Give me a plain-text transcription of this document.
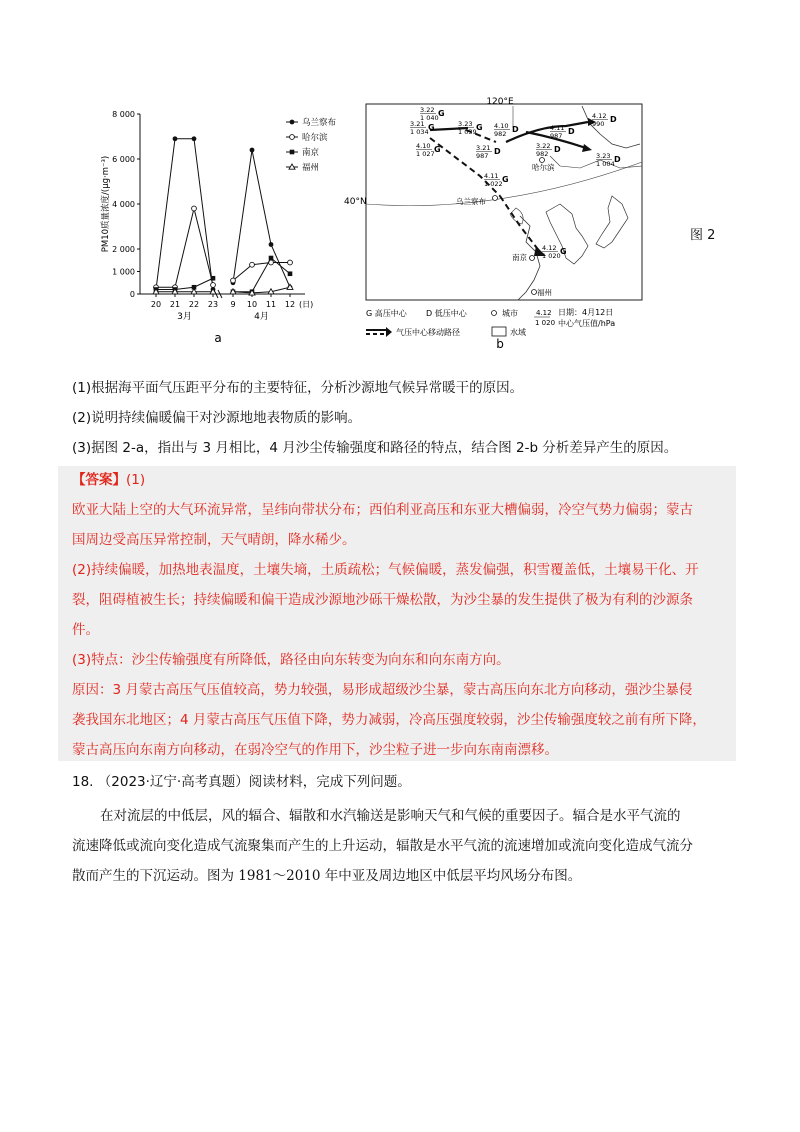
0
1 000
2 000
4 000
6 000
8 000
PM10质量浓度/(μg·m⁻³)
20 21 22 23 9 10 11 12 (日)
3月	4月
乌兰察布
哈尔滨
南京
福州
a
120°E
40°N
G
3.22
1 040
G
3.21
1 034	G
3.23
1 039
G
4.10
1 027
D
4.10
982
D
3.21
987
D
3.22
982
D
4.11
987
D
4.12
990
D
3.23
1 004
G
4.11
1 022
G
4.12
1 020
哈尔滨
乌兰察布
南京
福州
G 高压中心 D 低压中心	城市	4.12
1 020
日期：4月12日
中心气压值/hPa
气压中心移动路径	水域
b
图 2
(1)根据海平面气压距平分布的主要特征，分析沙源地气候异常暖干的原因。
(2)说明持续偏暖偏干对沙源地地表物质的影响。
(3)据图 2-a，指出与 3 月相比，4 月沙尘传输强度和路径的特点，结合图 2-b 分析差异产生的原因。
【答案】(1)
欧亚大陆上空的大气环流异常，呈纬向带状分布；西伯利亚高压和东亚大槽偏弱，冷空气势力偏弱；蒙古
国周边受高压异常控制，天气晴朗，降水稀少。
(2)持续偏暖，加热地表温度，土壤失墒，土质疏松；气候偏暖，蒸发偏强，积雪覆盖低，土壤易干化、开
裂，阻碍植被生长；持续偏暖和偏干造成沙源地沙砾干燥松散，为沙尘暴的发生提供了极为有利的沙源条
件。
(3)特点：沙尘传输强度有所降低，路径由向东转变为向东和向东南方向。
原因：3 月蒙古高压气压值较高，势力较强，易形成超级沙尘暴，蒙古高压向东北方向移动，强沙尘暴侵
袭我国东北地区；4 月蒙古高压气压值下降，势力减弱，冷高压强度较弱，沙尘传输强度较之前有所下降，
蒙古高压向东南方向移动，在弱冷空气的作用下，沙尘粒子进一步向东南南漂移。
18. （2023·辽宁·高考真题）阅读材料，完成下列问题。
在对流层的中低层，风的辐合、辐散和水汽输送是影响天气和气候的重要因子。辐合是水平气流的
流速降低或流向变化造成气流聚集而产生的上升运动，辐散是水平气流的流速增加或流向变化造成气流分
散而产生的下沉运动。图为 1981～2010 年中亚及周边地区中低层平均风场分布图。
